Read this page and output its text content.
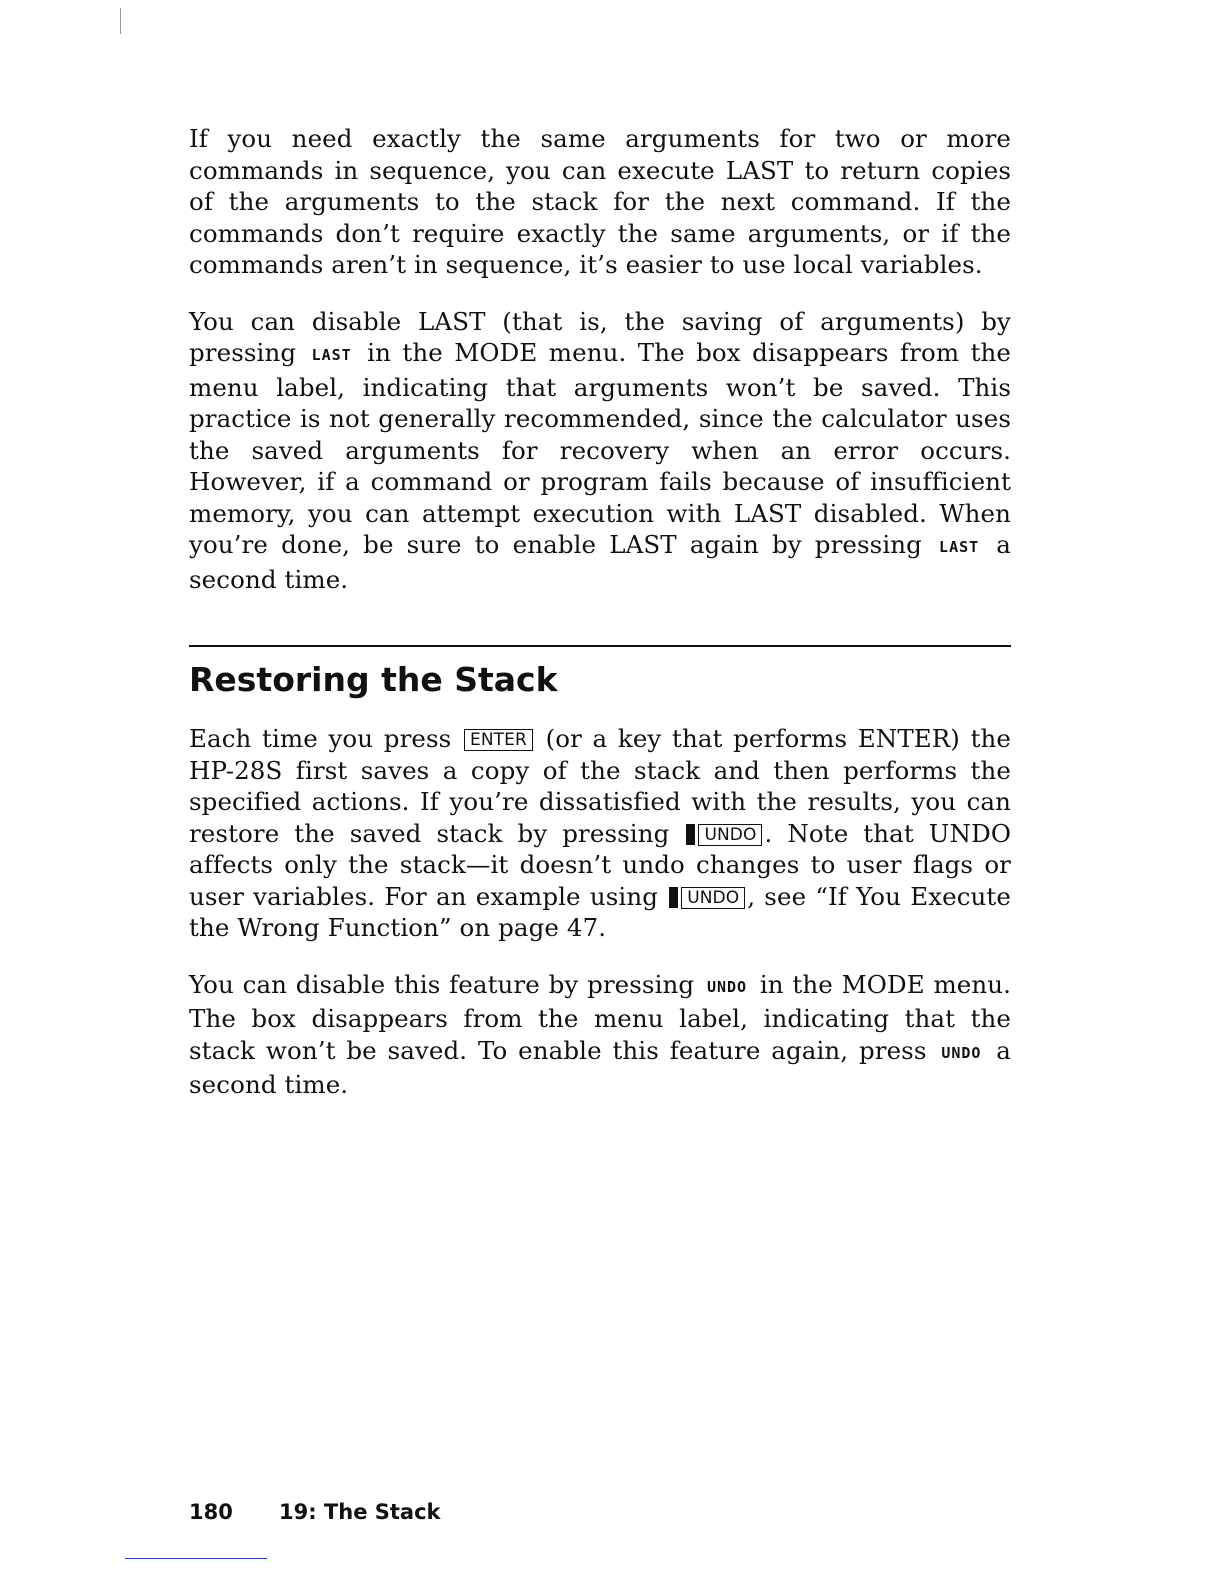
If you need exactly the same arguments for two or more commands in sequence, you can execute LAST to return copies of the arguments to the stack for the next command. If the commands don’t require exactly the same arguments, or if the commands aren’t in sequence, it’s easier to use local variables.

You can disable LAST (that is, the saving of arguments) by pressing LAST in the MODE menu. The box disappears from the menu label, indicating that arguments won’t be saved. This practice is not generally recommended, since the calculator uses the saved arguments for recovery when an error occurs. However, if a command or program fails because of insufficient memory, you can attempt execution with LAST disabled. When you’re done, be sure to enable LAST again by pressing LAST a second time.

Restoring the Stack

Each time you press ENTER (or a key that performs ENTER) the HP-28S first saves a copy of the stack and then performs the specified actions. If you’re dissatisfied with the results, you can restore the saved stack by pressing UNDO . Note that UNDO affects only the stack—it doesn’t undo changes to user flags or user variables. For an example using UNDO , see “If You Execute the Wrong Function” on page 47.

You can disable this feature by pressing UNDO in the MODE menu. The box disappears from the menu label, indicating that the stack won’t be saved. To enable this feature again, press UNDO a second time.

180 19: The Stack
